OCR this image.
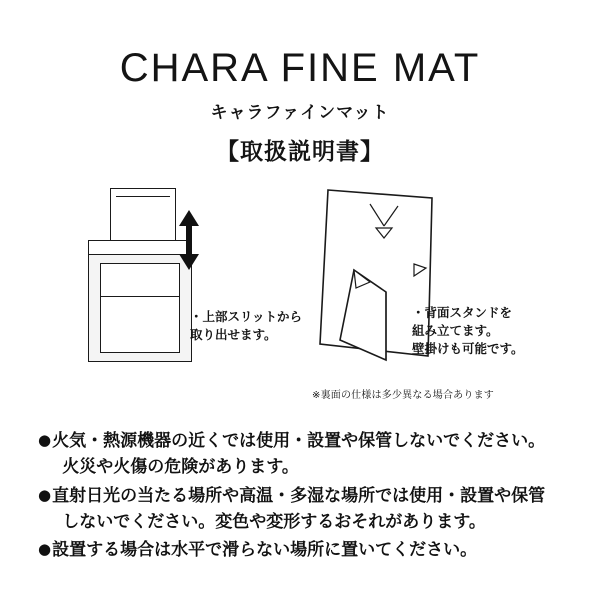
CHARA FINE MAT
キャラファインマット
【取扱説明書】
・上部スリットから
取り出せます。
・背面スタンドを
組み立てます。
壁掛けも可能です。
※裏面の仕様は多少異なる場合あります
● 火気・熱源機器の近くでは使用・設置や保管しないでください。
火災や火傷の危険があります。
● 直射日光の当たる場所や高温・多湿な場所では使用・設置や保管
しないでください。変色や変形するおそれがあります。
● 設置する場合は水平で滑らない場所に置いてください。
